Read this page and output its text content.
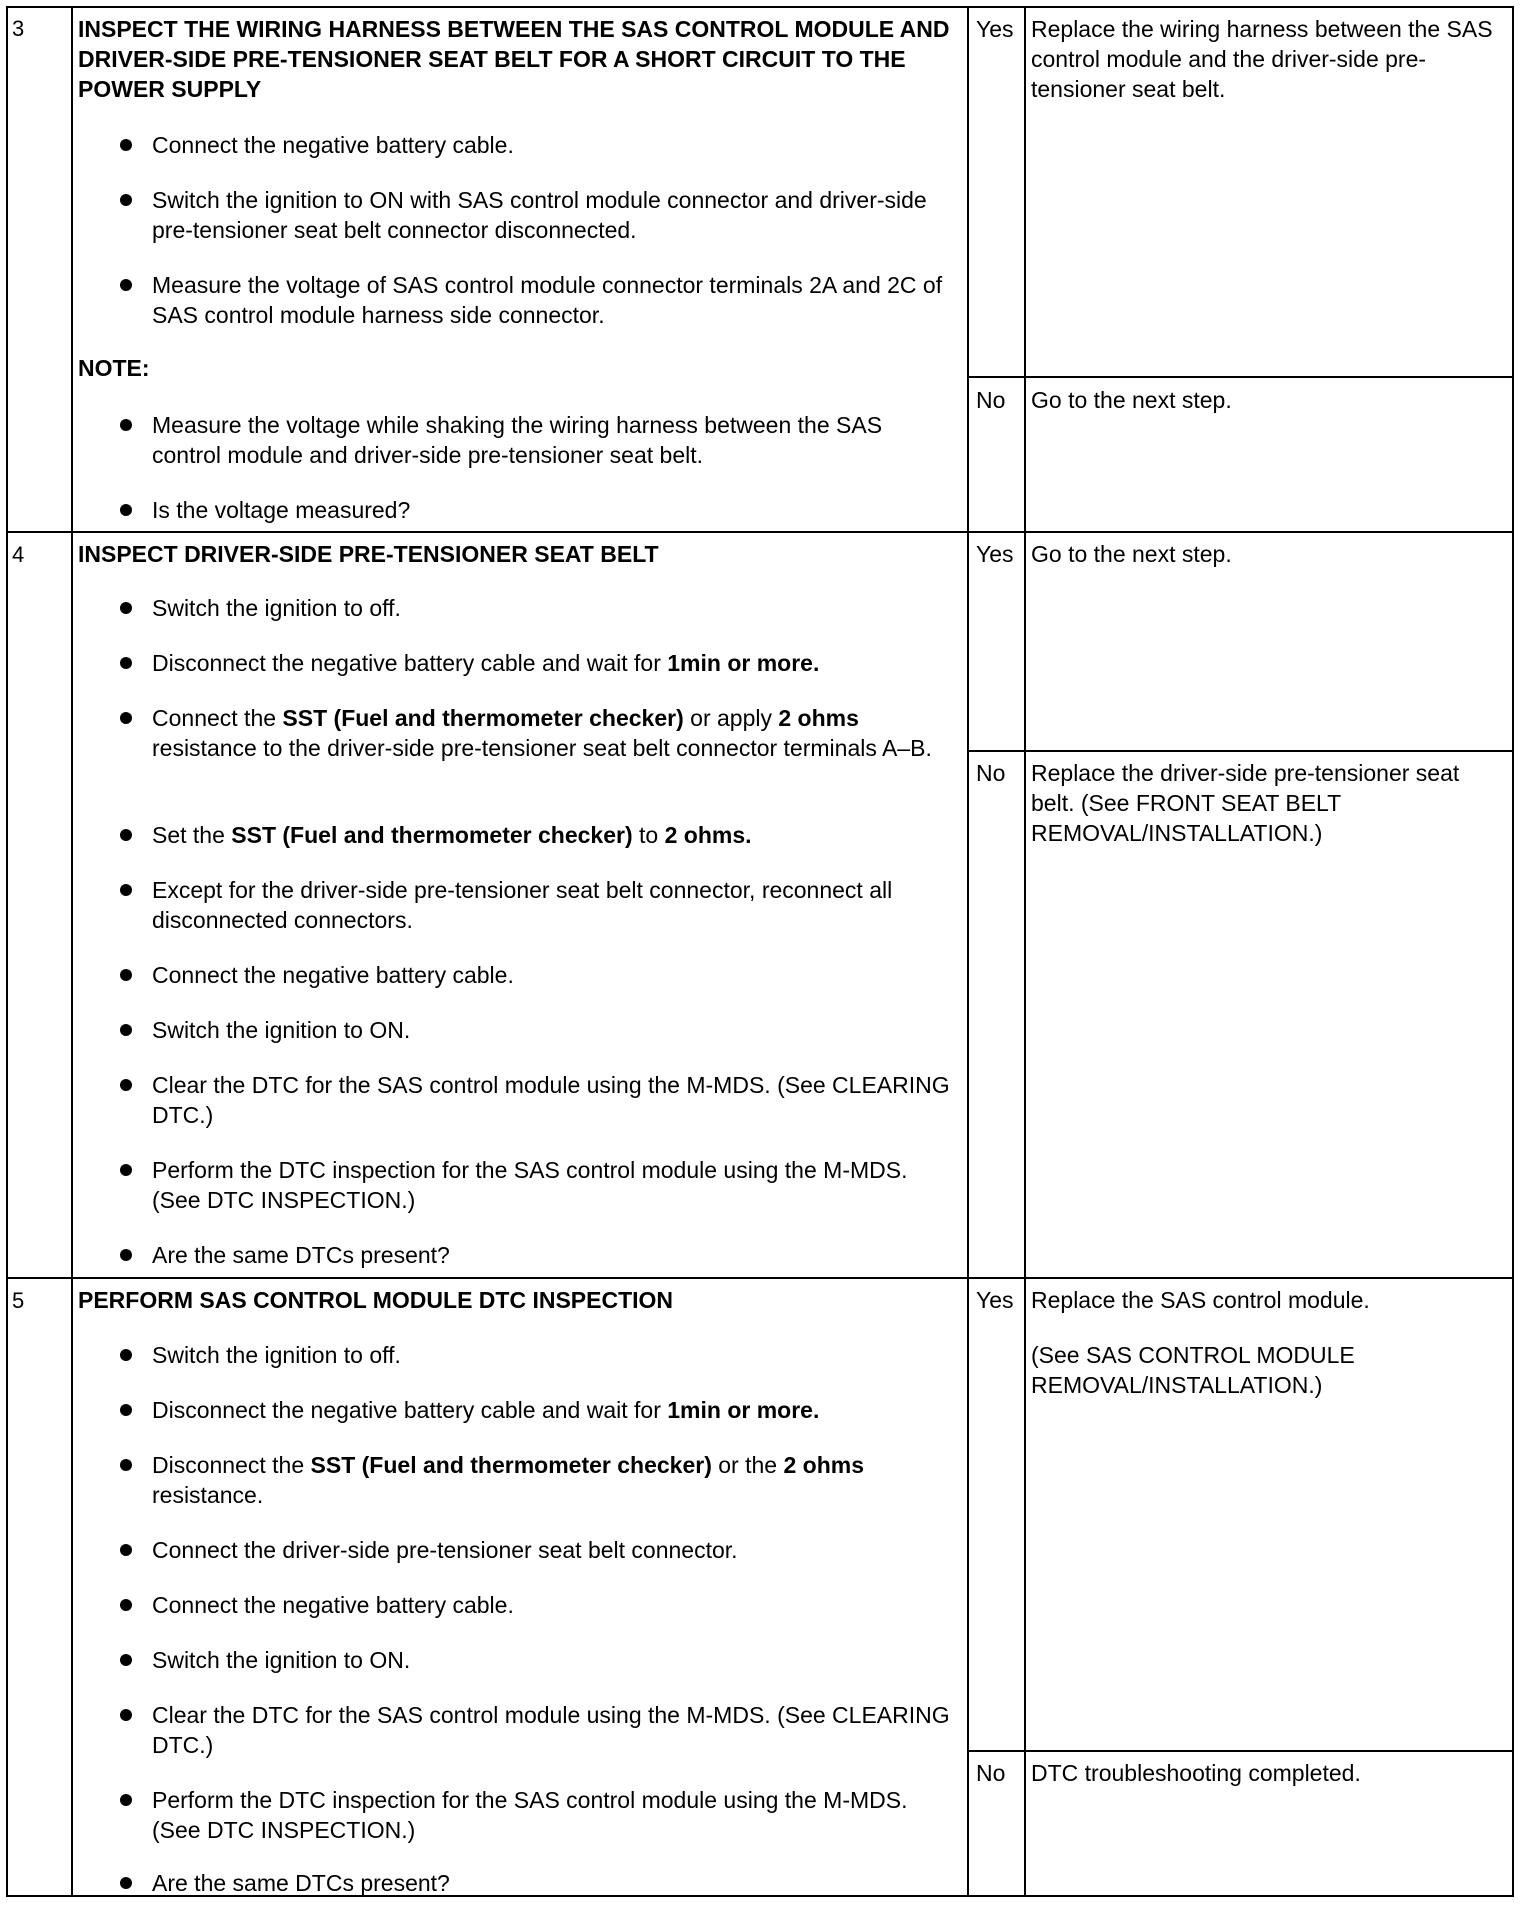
3 INSPECT THE WIRING HARNESS BETWEEN THE SAS CONTROL MODULE AND DRIVER-SIDE PRE-TENSIONER SEAT BELT FOR A SHORT CIRCUIT TO THE POWER SUPPLY
Connect the negative battery cable.
Switch the ignition to ON with SAS control module connector and driver-side pre-tensioner seat belt connector disconnected.
Measure the voltage of SAS control module connector terminals 2A and 2C of SAS control module harness side connector.
NOTE:
Measure the voltage while shaking the wiring harness between the SAS control module and driver-side pre-tensioner seat belt.
Is the voltage measured?
Yes Replace the wiring harness between the SAS control module and the driver-side pre-tensioner seat belt.
No Go to the next step.
4 INSPECT DRIVER-SIDE PRE-TENSIONER SEAT BELT
Switch the ignition to off.
Disconnect the negative battery cable and wait for 1min or more.
Connect the SST (Fuel and thermometer checker) or apply 2 ohms resistance to the driver-side pre-tensioner seat belt connector terminals A–B.
Set the SST (Fuel and thermometer checker) to 2 ohms.
Except for the driver-side pre-tensioner seat belt connector, reconnect all disconnected connectors.
Connect the negative battery cable.
Switch the ignition to ON.
Clear the DTC for the SAS control module using the M-MDS. (See CLEARING DTC.)
Perform the DTC inspection for the SAS control module using the M-MDS. (See DTC INSPECTION.)
Are the same DTCs present?
Yes Go to the next step.
No Replace the driver-side pre-tensioner seat belt. (See FRONT SEAT BELT REMOVAL/INSTALLATION.)
5 PERFORM SAS CONTROL MODULE DTC INSPECTION
Switch the ignition to off.
Disconnect the negative battery cable and wait for 1min or more.
Disconnect the SST (Fuel and thermometer checker) or the 2 ohms resistance.
Connect the driver-side pre-tensioner seat belt connector.
Connect the negative battery cable.
Switch the ignition to ON.
Clear the DTC for the SAS control module using the M-MDS. (See CLEARING DTC.)
Perform the DTC inspection for the SAS control module using the M-MDS. (See DTC INSPECTION.)
Are the same DTCs present?
Yes Replace the SAS control module.
(See SAS CONTROL MODULE REMOVAL/INSTALLATION.)
No DTC troubleshooting completed.
